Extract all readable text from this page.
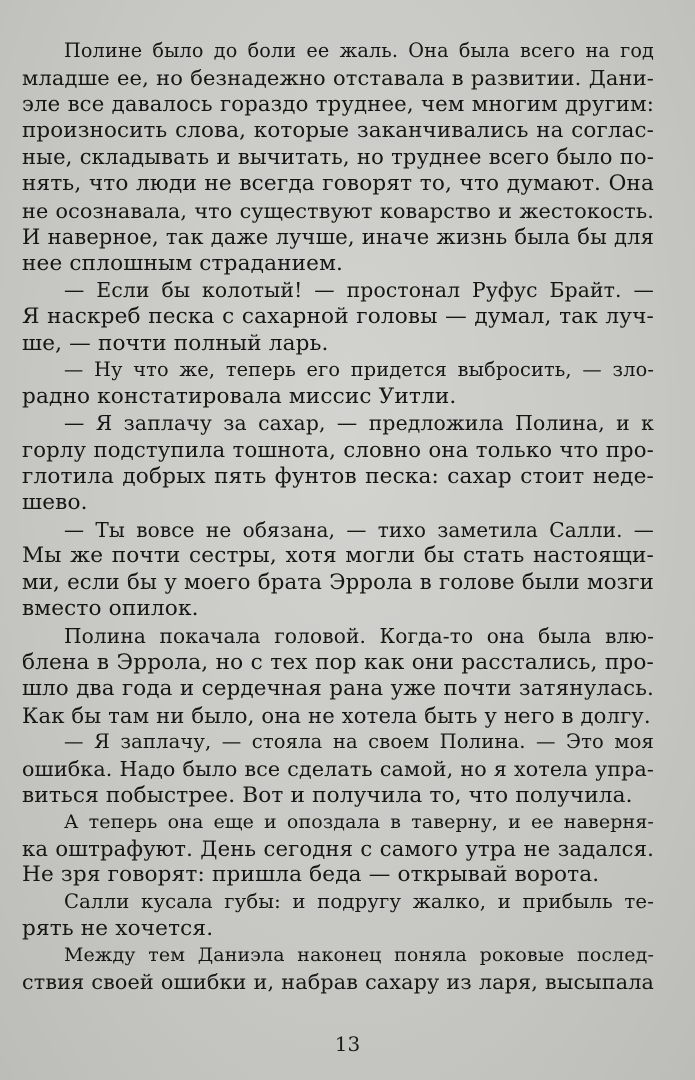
Полине было до боли ее жаль. Она была всего на год
младше ее, но безнадежно отставала в развитии. Дани-
эле все давалось гораздо труднее, чем многим другим:
произносить слова, которые заканчивались на соглас-
ные, складывать и вычитать, но труднее всего было по-
нять, что люди не всегда говорят то, что думают. Она
не осознавала, что существуют коварство и жестокость.
И наверное, так даже лучше, иначе жизнь была бы для
нее сплошным страданием.
— Если бы колотый! — простонал Руфус Брайт. —
Я наскреб песка с сахарной головы — думал, так луч-
ше, — почти полный ларь.
— Ну что же, теперь его придется выбросить, — зло-
радно констатировала миссис Уитли.
— Я заплачу за сахар, — предложила Полина, и к
горлу подступила тошнота, словно она только что про-
глотила добрых пять фунтов песка: сахар стоит неде-
шево.
— Ты вовсе не обязана, — тихо заметила Салли. —
Мы же почти сестры, хотя могли бы стать настоящи-
ми, если бы у моего брата Эррола в голове были мозги
вместо опилок.
Полина покачала головой. Когда-то она была влю-
блена в Эррола, но с тех пор как они расстались, про-
шло два года и сердечная рана уже почти затянулась.
Как бы там ни было, она не хотела быть у него в долгу.
— Я заплачу, — стояла на своем Полина. — Это моя
ошибка. Надо было все сделать самой, но я хотела упра-
виться побыстрее. Вот и получила то, что получила.
А теперь она еще и опоздала в таверну, и ее наверня-
ка оштрафуют. День сегодня с самого утра не задался.
Не зря говорят: пришла беда — открывай ворота.
Салли кусала губы: и подругу жалко, и прибыль те-
рять не хочется.
Между тем Даниэла наконец поняла роковые послед-
ствия своей ошибки и, набрав сахару из ларя, высыпала
13
